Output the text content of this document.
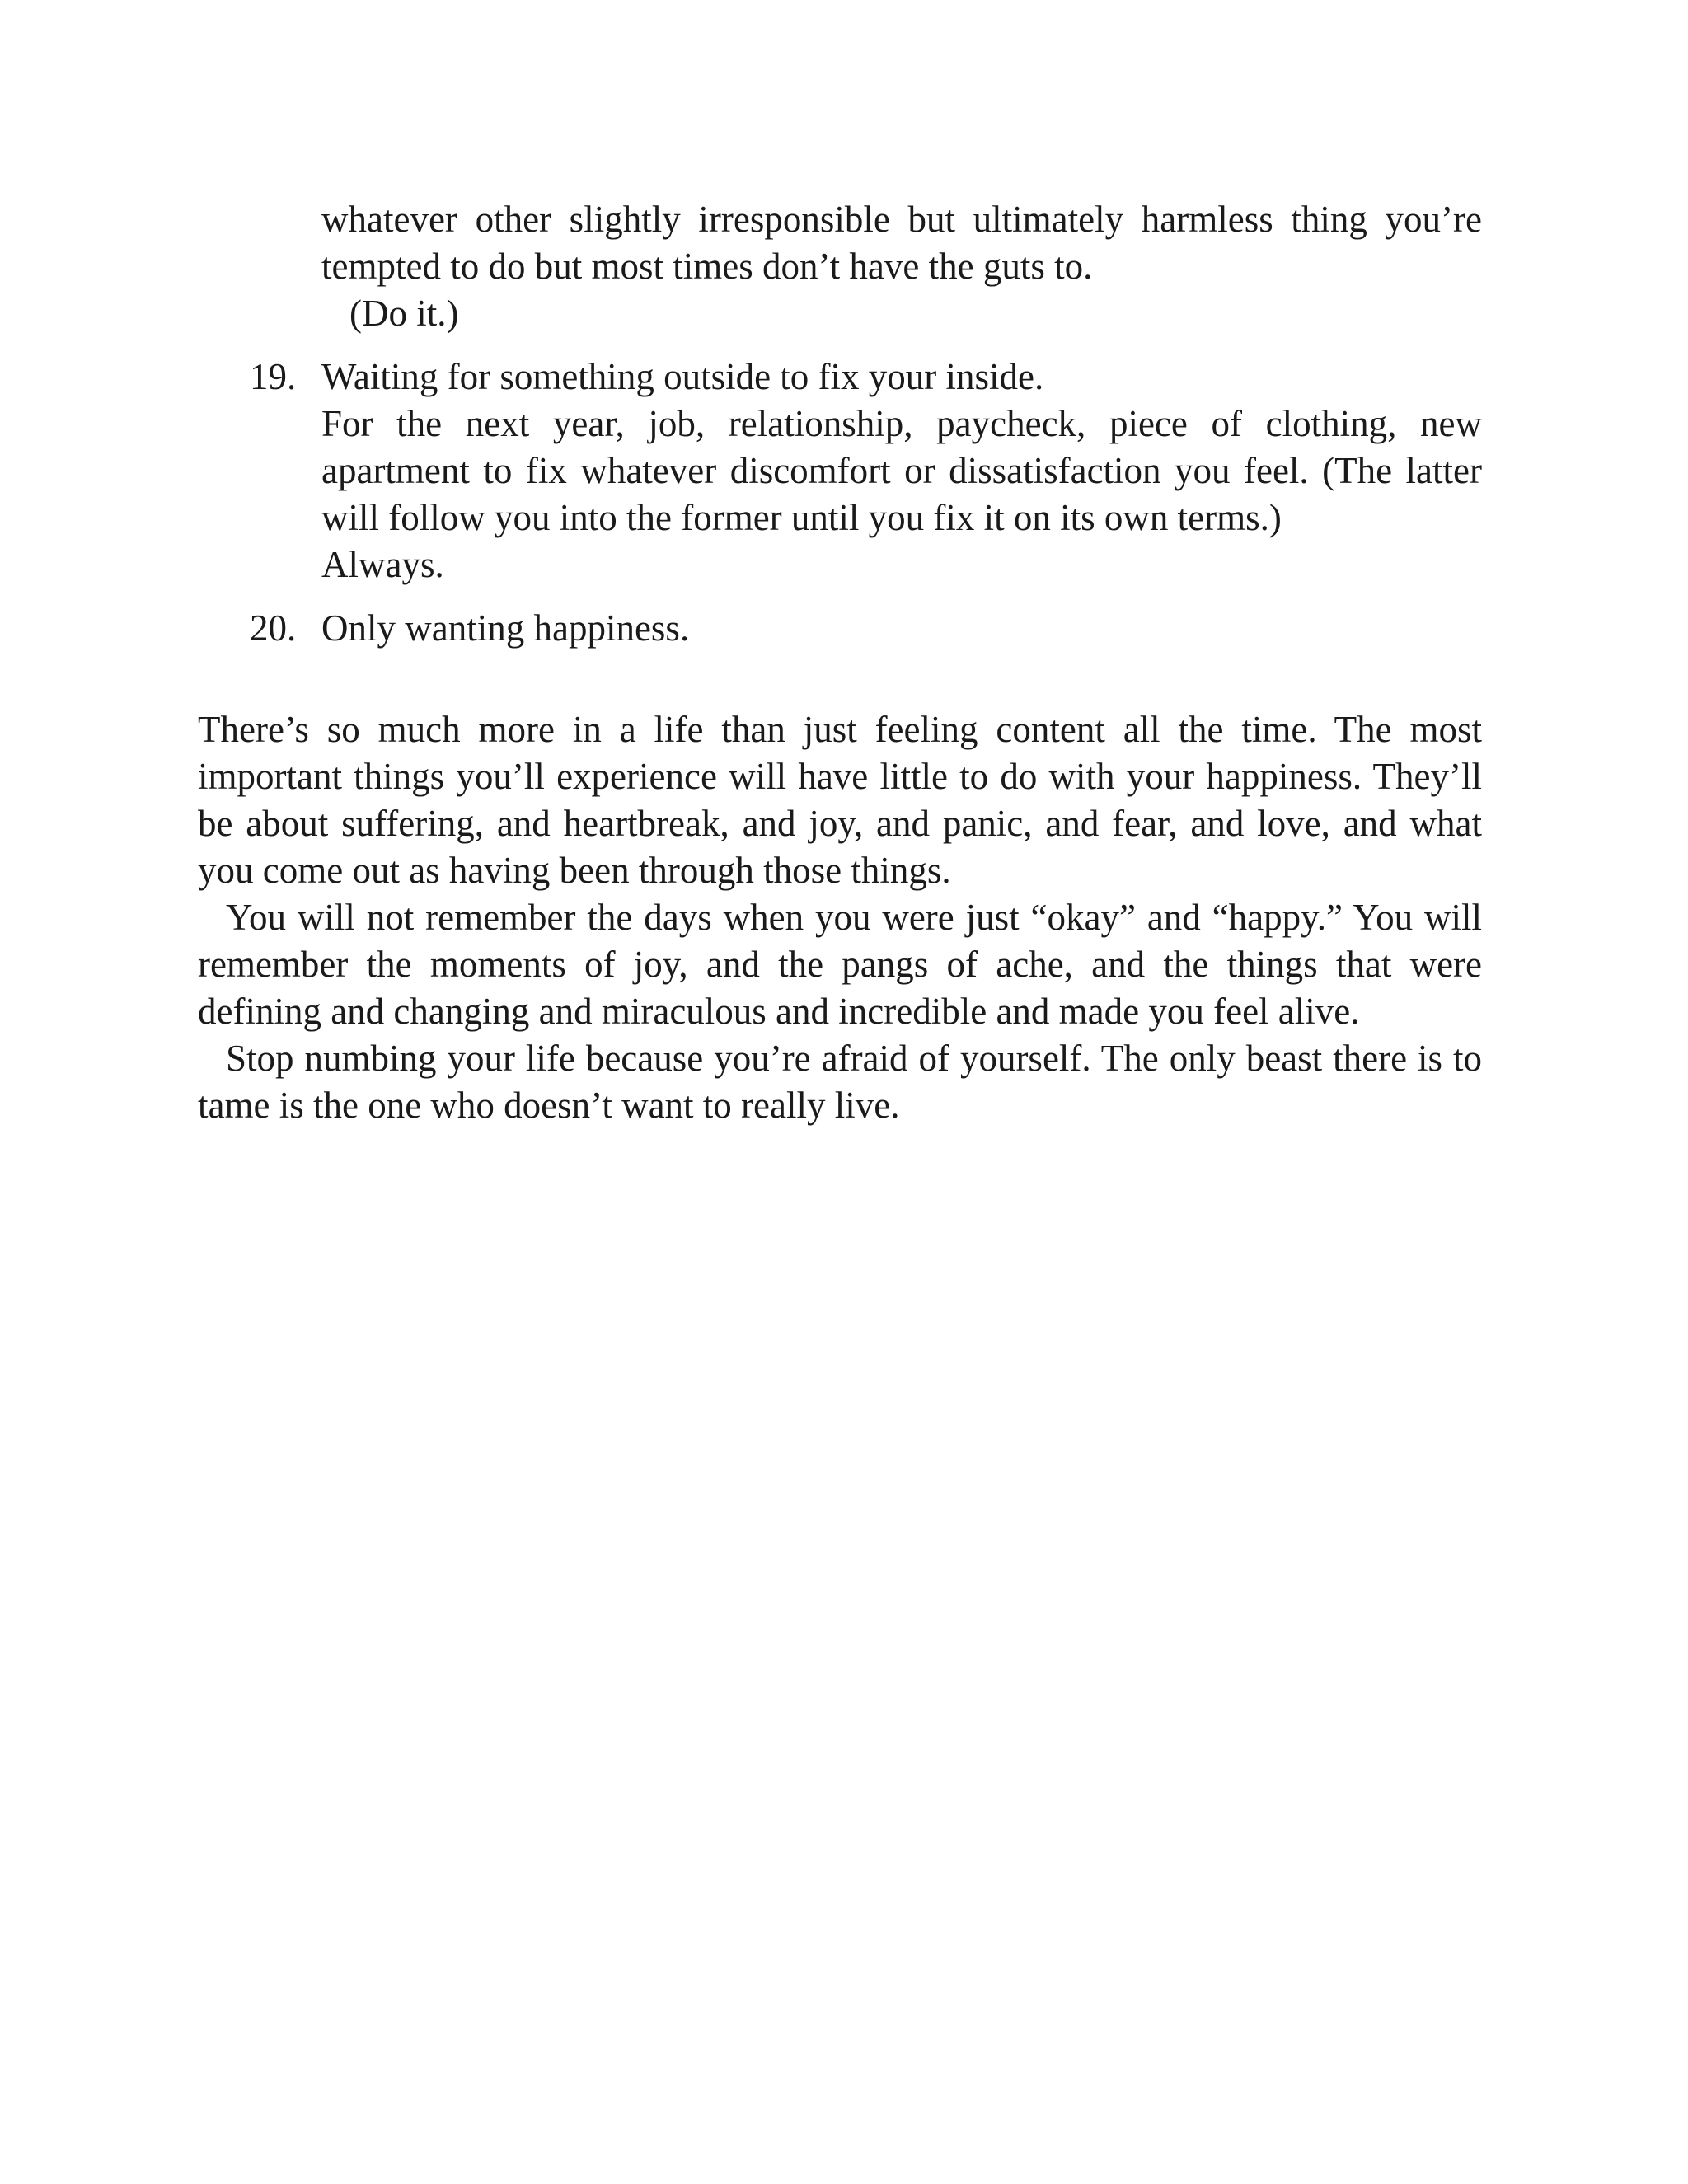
whatever other slightly irresponsible but ultimately harmless thing you’re tempted to do but most times don’t have the guts to.

(Do it.)

19. Waiting for something outside to fix your inside.

For the next year, job, relationship, paycheck, piece of clothing, new apartment to fix whatever discomfort or dissatisfaction you feel. (The latter will follow you into the former until you fix it on its own terms.)

Always.

20. Only wanting happiness.

There’s so much more in a life than just feeling content all the time. The most important things you’ll experience will have little to do with your happiness. They’ll be about suffering, and heartbreak, and joy, and panic, and fear, and love, and what you come out as having been through those things.

You will not remember the days when you were just “okay” and “happy.” You will remember the moments of joy, and the pangs of ache, and the things that were defining and changing and miraculous and incredible and made you feel alive.

Stop numbing your life because you’re afraid of yourself. The only beast there is to tame is the one who doesn’t want to really live.
